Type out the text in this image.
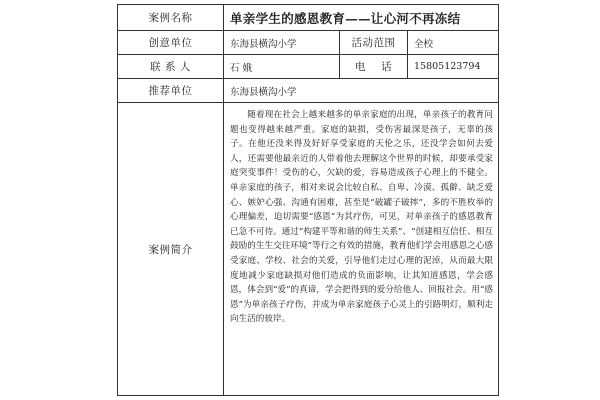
案例名称	单亲学生的感恩教育——让心河不再冻结
创意单位	东海县横沟小学	活动范围	全校
联 系 人	石 娥	电    话	15805123794
推荐单位	东海县横沟小学
案例简介
随着现在社会上越来越多的单亲家庭的出现，单亲孩子的教育问题也变得越来越严重。家庭的缺损，受伤害最深是孩子，无辜的孩子。在他还没来得及好好享受家庭的天伦之乐，还没学会如何去爱人，还需要他最亲近的人带着他去理解这个世界的时候，却要承受家庭突变事件！受伤的心，欠缺的爱，容易造成孩子心理上的不健全。单亲家庭的孩子，相对来说会比较自私、自卑、冷漠、孤僻、缺乏爱心、嫉妒心强、沟通有困难，甚至是“破罐子破摔”，多的不胜枚举的心理偏差，迫切需要“感恩”为其疗伤，可见，对单亲孩子的感恩教育已急不可待。通过“构建平等和谐的师生关系”、“创建相互信任、相互鼓励的生生交往环境”等行之有效的措施，教育他们学会用感恩之心感受家庭、学校、社会的关爱，引导他们走过心理的泥淖，从而最大限度地减少家庭缺损对他们造成的负面影响，让其知道感恩，学会感恩，体会到“爱”的真谛，学会把得到的爱分给他人、回报社会。用“感恩”为单亲孩子疗伤，并成为单亲家庭孩子心灵上的引路明灯，顺利走向生活的彼岸。
